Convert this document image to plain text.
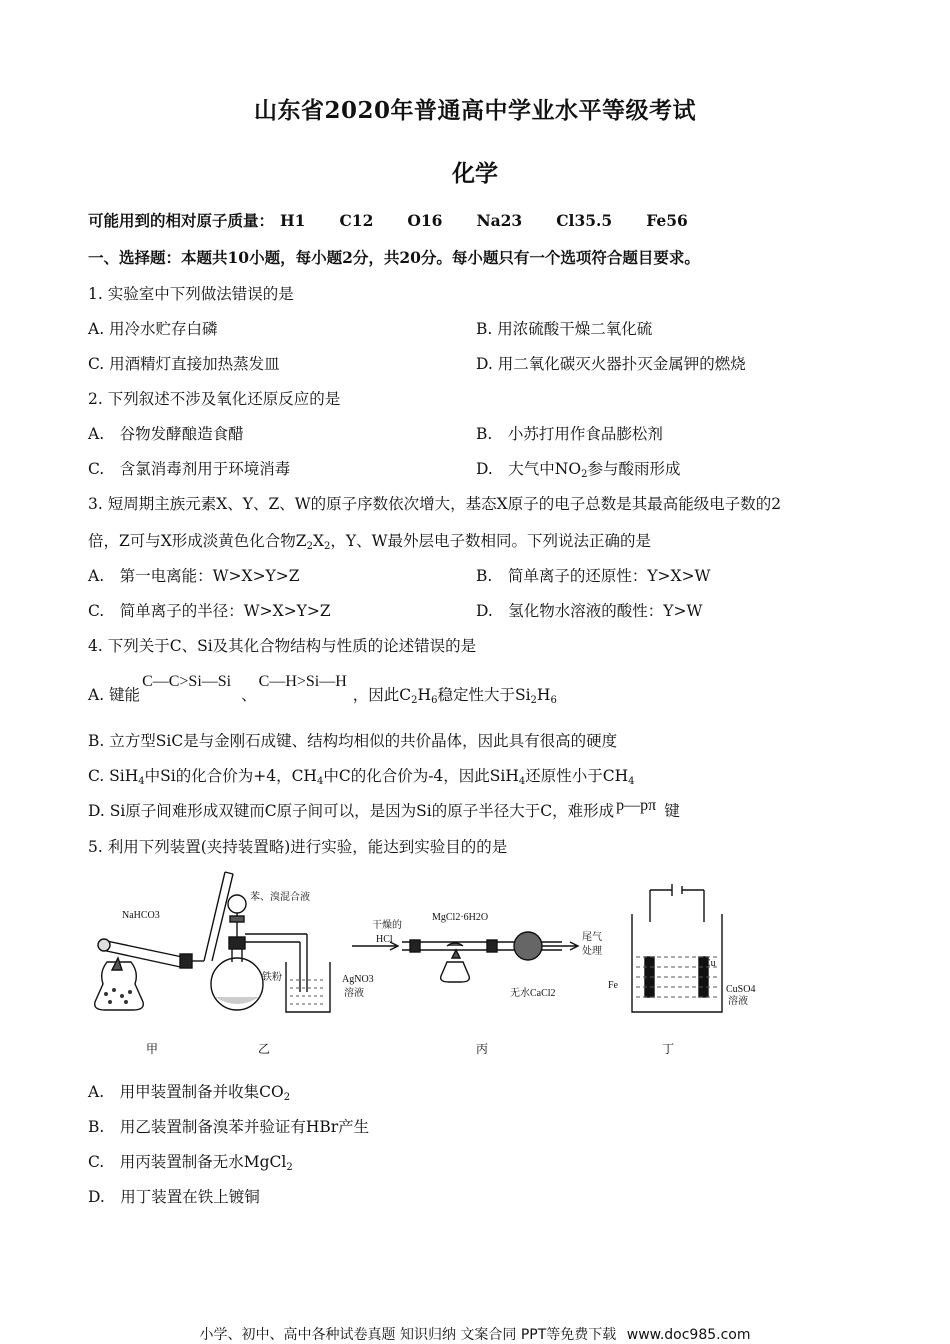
山东省2020年普通高中学业水平等级考试
化学
可能用到的相对原子质量： H1 C12 O16 Na23 Cl35.5 Fe56
一、选择题：本题共10小题，每小题2分，共20分。每小题只有一个选项符合题目要求。
1. 实验室中下列做法错误的是
A. 用冷水贮存白磷	B. 用浓硫酸干燥二氧化硫
C. 用酒精灯直接加热蒸发皿	D. 用二氧化碳灭火器扑灭金属钾的燃烧
2. 下列叙述不涉及氧化还原反应的是
A.　谷物发酵酿造食醋	B.　小苏打用作食品膨松剂
C.　含氯消毒剂用于环境消毒	D.　大气中$NO_2$参与酸雨形成
3. 短周期主族元素X、Y、Z、W的原子序数依次增大，基态X原子的电子总数是其最高能级电子数的2
倍，Z可与X形成淡黄色化合物$Z_2X_2$，Y、W最外层电子数相同。下列说法正确的是
A.　第一电离能：W>X>Y>Z	B.　简单离子的还原性：Y>X>W
C.　简单离子的半径：W>X>Y>Z	D.　氢化物水溶液的酸性：Y>W
4. 下列关于C、Si及其化合物结构与性质的论述错误的是
A. 键能C—C>Si—Si、C—H>Si—H，因此$C_2H_6$稳定性大于$Si_2H_6$
B. 立方型SiC是与金刚石成键、结构均相似的共价晶体，因此具有很高的硬度
C. SiH$_4$中Si的化合价为+4，$CH_4$中C的化合价为-4，因此SiH$_4$还原性小于$CH_4$
D. Si原子间难形成双键而C原子间可以，是因为Si的原子半径大于C，难形成 p—pπ 键
5. 利用下列装置(夹持装置略)进行实验，能达到实验目的的是
NaHCO3
苯、溴混合液
铁粉	AgNO3
溶液
干燥的
HCl
MgCl2·6H2O
尾气
处理
无水CaCl2
Cu
Fe	CuSO4
溶液
甲	乙	丙	丁
A.　用甲装置制备并收集$CO_2$
B.　用乙装置制备溴苯并验证有HBr产生
C.　用丙装置制备无水MgCl$_2$
D.　用丁装置在铁上镀铜
小学、初中、高中各种试卷真题 知识归纳 文案合同 PPT等免费下载 www.doc985.com
